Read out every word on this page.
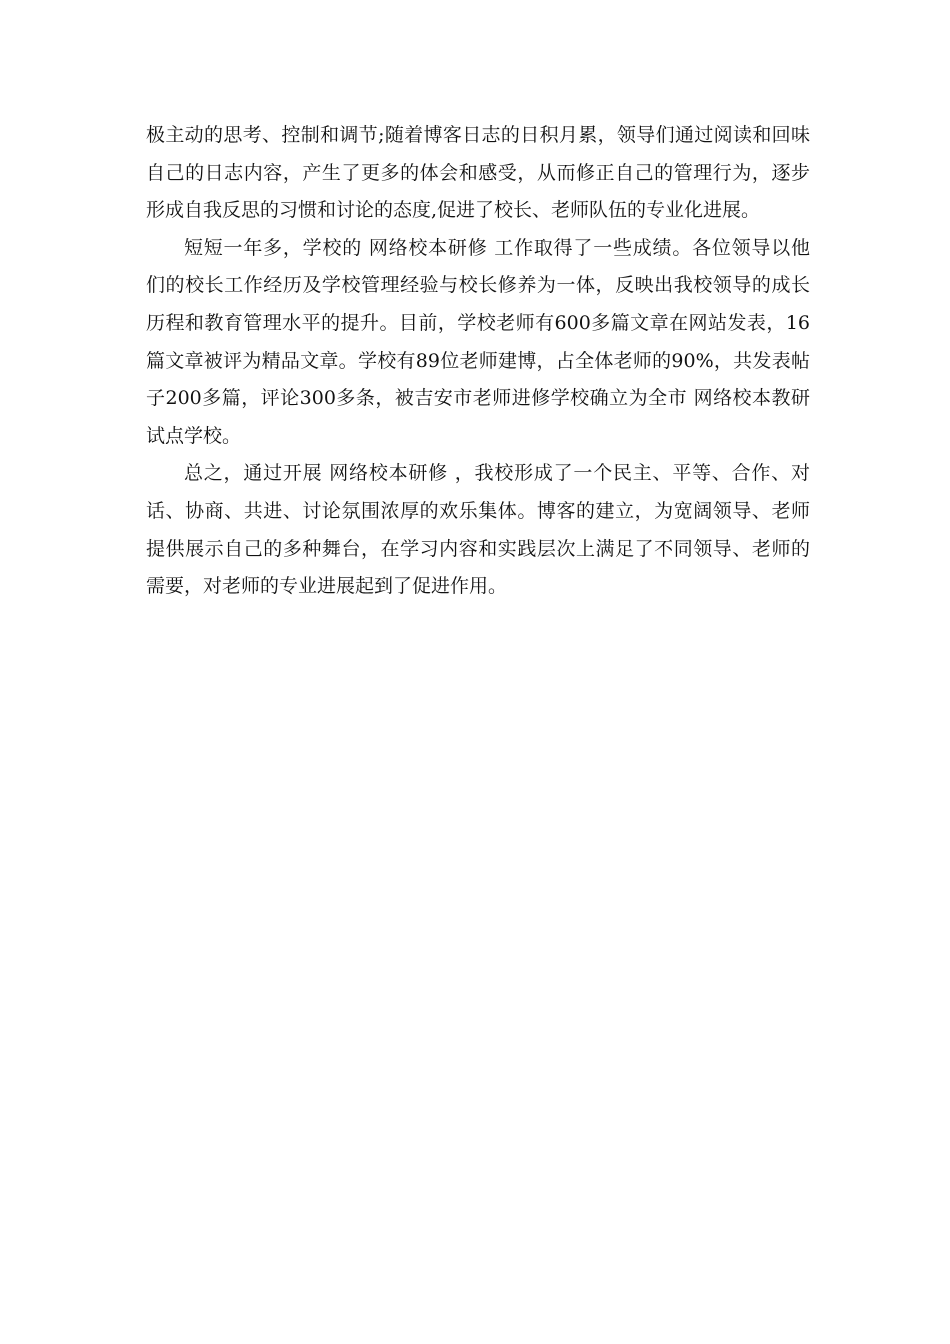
极主动的思考、控制和调节;随着博客日志的日积月累，领导们通过阅读和回味
自己的日志内容，产生了更多的体会和感受，从而修正自己的管理行为，逐步
形成自我反思的习惯和讨论的态度,促进了校长、老师队伍的专业化进展。
短短一年多，学校的 网络校本研修 工作取得了一些成绩。各位领导以他
们的校长工作经历及学校管理经验与校长修养为一体，反映出我校领导的成长
历程和教育管理水平的提升。目前，学校老师有600多篇文章在网站发表，16
篇文章被评为精品文章。学校有89位老师建博，占全体老师的90%，共发表帖
子200多篇，评论300多条，被吉安市老师进修学校确立为全市 网络校本教研
试点学校。
总之，通过开展 网络校本研修 ，我校形成了一个民主、平等、合作、对
话、协商、共进、讨论氛围浓厚的欢乐集体。博客的建立，为宽阔领导、老师
提供展示自己的多种舞台，在学习内容和实践层次上满足了不同领导、老师的
需要，对老师的专业进展起到了促进作用。
